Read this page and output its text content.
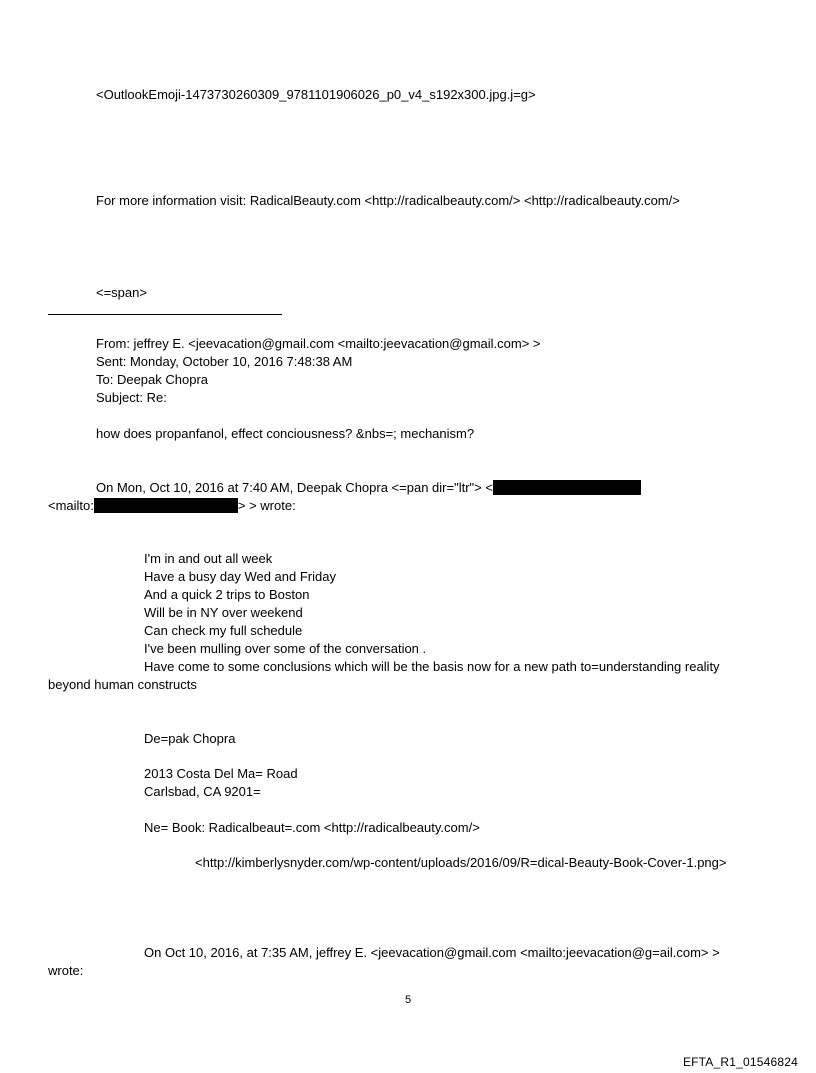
<OutlookEmoji-1473730260309_9781101906026_p0_v4_s192x300.jpg.j=g>
For more information visit: RadicalBeauty.com <http://radicalbeauty.com/> <http://radicalbeauty.com/>
<=span>
From: jeffrey E. <jeevacation@gmail.com <mailto:jeevacation@gmail.com> >
Sent: Monday, October 10, 2016 7:48:38 AM
To: Deepak Chopra
Subject: Re:
how does propanfanol, effect conciousness? &nbs=; mechanism?
On Mon, Oct 10, 2016 at 7:40 AM, Deepak Chopra <=pan dir="ltr"> <
<mailto:	> > wrote:
I'm in and out all week
Have a busy day Wed and Friday
And a quick 2 trips to Boston
Will be in NY over weekend
Can check my full schedule
I've been mulling over some of the conversation .
Have come to some conclusions which will be the basis now for a new path to=understanding reality
beyond human constructs
De=pak Chopra
2013 Costa Del Ma= Road
Carlsbad, CA 9201=
Ne= Book: Radicalbeaut=.com <http://radicalbeauty.com/>
<http://kimberlysnyder.com/wp-content/uploads/2016/09/R=dical-Beauty-Book-Cover-1.png>
On Oct 10, 2016, at 7:35 AM, jeffrey E. <jeevacation@gmail.com <mailto:jeevacation@g=ail.com> >
wrote:
5
EFTA_R1_01546824
